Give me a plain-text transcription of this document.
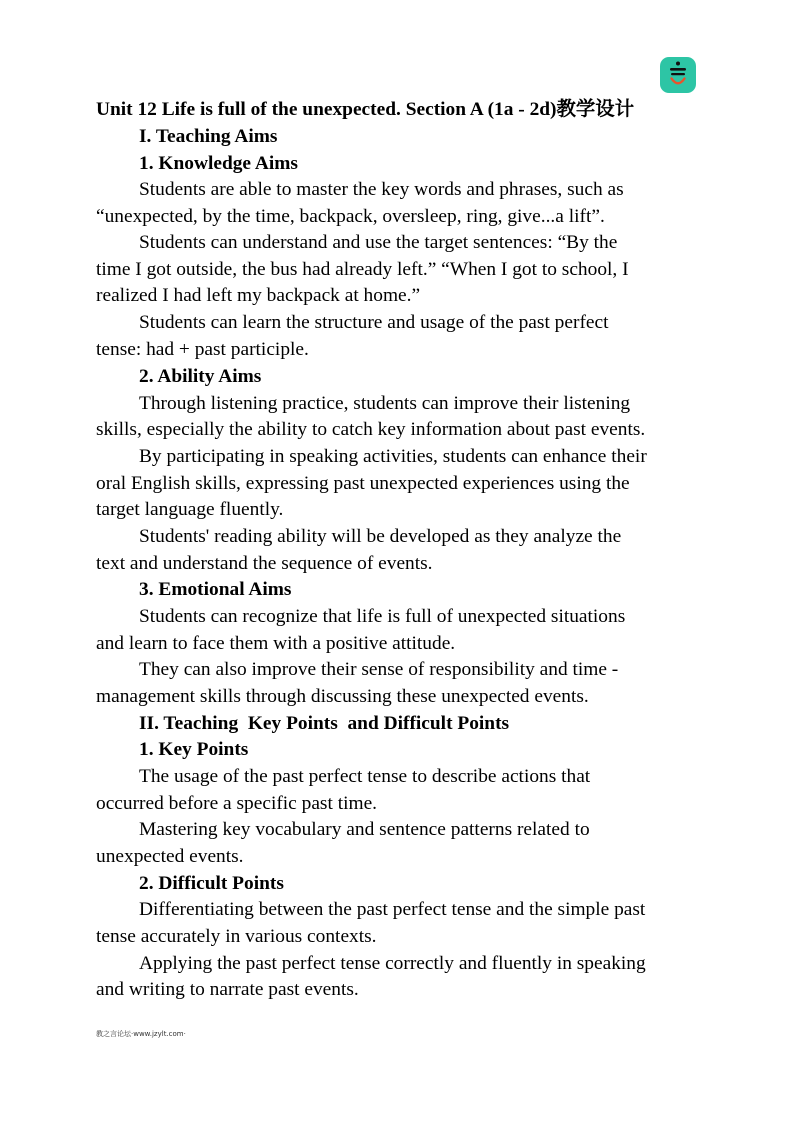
Unit 12 Life is full of the unexpected. Section A (1a - 2d)教学设计
I. Teaching Aims
1. Knowledge Aims
Students are able to master the key words and phrases, such as
“unexpected, by the time, backpack, oversleep, ring, give...a lift”.
Students can understand and use the target sentences: “By the
time I got outside, the bus had already left.” “When I got to school, I
realized I had left my backpack at home.”
Students can learn the structure and usage of the past perfect
tense: had + past participle.
2. Ability Aims
Through listening practice, students can improve their listening
skills, especially the ability to catch key information about past events.
By participating in speaking activities, students can enhance their
oral English skills, expressing past unexpected experiences using the
target language fluently.
Students' reading ability will be developed as they analyze the
text and understand the sequence of events.
3. Emotional Aims
Students can recognize that life is full of unexpected situations
and learn to face them with a positive attitude.
They can also improve their sense of responsibility and time -
management skills through discussing these unexpected events.
II. Teaching  Key Points  and Difficult Points
1. Key Points
The usage of the past perfect tense to describe actions that
occurred before a specific past time.
Mastering key vocabulary and sentence patterns related to
unexpected events.
2. Difficult Points
Differentiating between the past perfect tense and the simple past
tense accurately in various contexts.
Applying the past perfect tense correctly and fluently in speaking
and writing to narrate past events.
教之言论坛·www.jzylt.com·
